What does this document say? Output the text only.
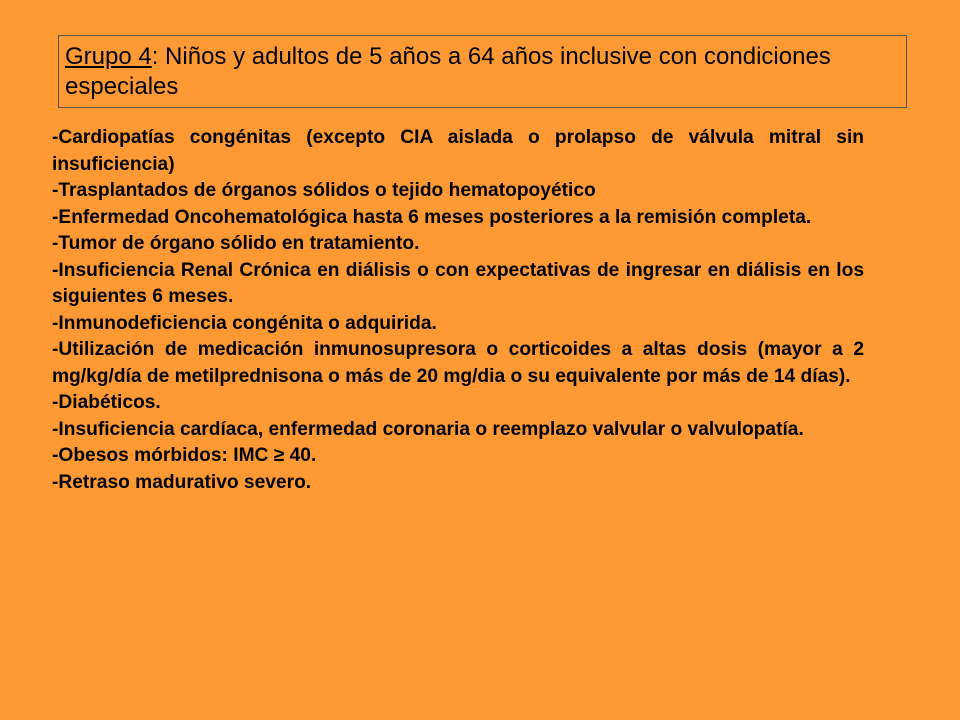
Grupo 4: Niños y adultos de 5 años a 64 años inclusive con condiciones especiales
-Cardiopatías congénitas (excepto CIA aislada o prolapso de válvula mitral sin insuficiencia)
-Trasplantados de órganos sólidos o tejido hematopoyético
-Enfermedad Oncohematológica hasta 6 meses posteriores a la remisión completa.
-Tumor de órgano sólido en tratamiento.
-Insuficiencia Renal Crónica en diálisis o con expectativas de ingresar en diálisis en los siguientes 6 meses.
-Inmunodeficiencia congénita o adquirida.
-Utilización de medicación inmunosupresora o corticoides a altas dosis (mayor a 2 mg/kg/día de metilprednisona o más de 20 mg/dia o su equivalente por más de 14 días).
-Diabéticos.
-Insuficiencia cardíaca, enfermedad coronaria o reemplazo valvular o valvulopatía.
-Obesos mórbidos: IMC ≥ 40.
-Retraso madurativo severo.
